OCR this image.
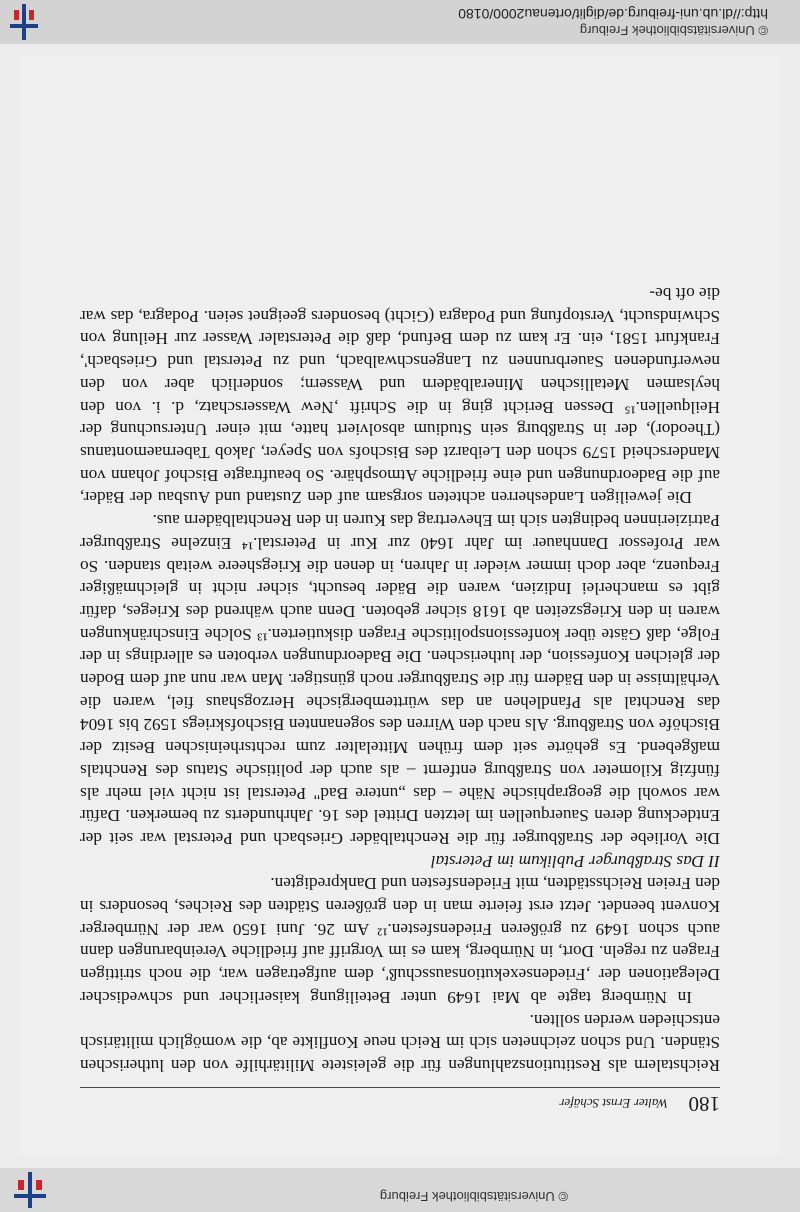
© Universitätsbibliothek Freiburg
180
Walter Ernst Schäfer

Reichstalern als Restitutionszahlungen für die geleistete Militärhilfe von den lutherischen Ständen. Und schon zeichneten sich im Reich neue Konflikte ab, die womöglich militärisch entschieden werden sollten.

In Nürnberg tagte ab Mai 1649 unter Beteiligung kaiserlicher und schwedischer Delegationen der ‚Friedensexekutionsausschuß', dem aufgetragen war, die noch strittigen Fragen zu regeln. Dort, in Nürnberg, kam es im Vorgriff auf friedliche Vereinbarungen dann auch schon 1649 zu größeren Friedensfesten.¹² Am 26. Juni 1650 war der Nürnberger Konvent beendet. Jetzt erst feierte man in den größeren Städten des Reiches, besonders in den Freien Reichsstädten, mit Friedensfesten und Dankpredigten.

II Das Straßburger Publikum im Peterstal

Die Vorliebe der Straßburger für die Renchtalbäder Griesbach und Peterstal war seit der Entdeckung deren Sauerquellen im letzten Drittel des 16. Jahrhunderts zu bemerken. Dafür war sowohl die geographische Nähe – das „untere Bad" Peterstal ist nicht viel mehr als fünfzig Kilometer von Straßburg entfernt – als auch der politische Status des Renchtals maßgebend. Es gehörte seit dem frühen Mittelalter zum rechtsrheinischen Besitz der Bischöfe von Straßburg. Als nach den Wirren des sogenannten Bischofskriegs 1592 bis 1604 das Renchtal als Pfandlehen an das württembergische Herzogshaus fiel, waren die Verhältnisse in den Bädern für die Straßburger noch günstiger. Man war nun auf dem Boden der gleichen Konfession, der lutherischen. Die Badeordnungen verboten es allerdings in der Folge, daß Gäste über konfessionspolitische Fragen diskutierten.¹³ Solche Einschränkungen waren in den Kriegszeiten ab 1618 sicher geboten. Denn auch während des Krieges, dafür gibt es mancherlei Indizien, waren die Bäder besucht, sicher nicht in gleichmäßiger Frequenz, aber doch immer wieder in Jahren, in denen die Kriegsheere weitab standen. So war Professor Dannhauer im Jahr 1640 zur Kur in Peterstal.¹⁴ Einzelne Straßburger Patrizierinnen bedingten sich im Ehevertrag das Kuren in den Renchtalbädern aus.

Die jeweiligen Landesherren achteten sorgsam auf den Zustand und Ausbau der Bäder, auf die Badeordnungen und eine friedliche Atmosphäre. So beauftragte Bischof Johann von Manderscheid 1579 schon den Leibarzt des Bischofs von Speyer, Jakob Tabernaemontanus (Theodor), der in Straßburg sein Studium absolviert hatte, mit einer Untersuchung der Heilquellen.¹⁵ Dessen Bericht ging in die Schrift ‚New Wasserschatz, d. i. von den heylsamen Metallischen Mineralbädern und Wassern; sonderlich aber von den newerfundenen Sauerbrunnen zu Langenschwalbach, und zu Peterstal und Griesbach', Frankfurt 1581, ein. Er kam zu dem Befund, daß die Peterstaler Wasser zur Heilung von Schwindsucht, Verstopfung und Podagra (Gicht) besonders geeignet seien. Podagra, das war die oft be-

© Universitätsbibliothek Freiburg
http://dl.ub.uni-freiburg.de/diglit/ortenau2000/0180
